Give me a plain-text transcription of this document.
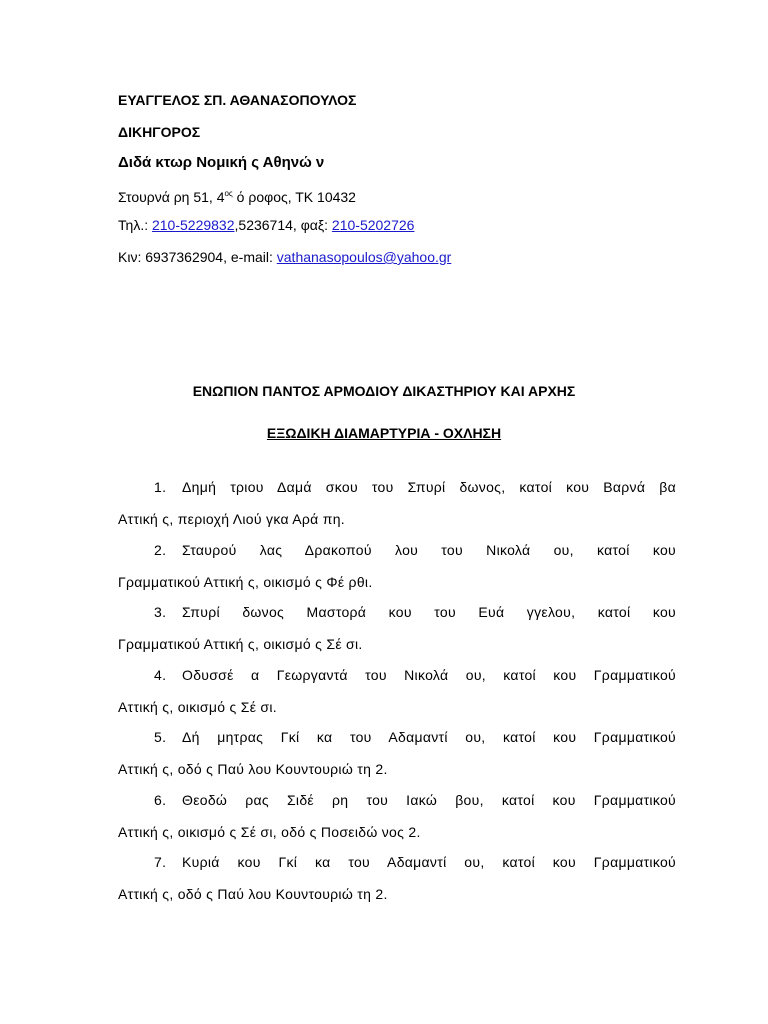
ΕΥΑΓΓΕΛΟΣ ΣΠ. ΑΘΑΝΑΣΟΠΟΥΛΟΣ
ΔΙΚΗΓΟΡΟΣ
Διδά κτωρ Νομική ς Αθηνώ ν
Στουρνά ρη 51, $4^{o\varsigma}$ ό ροφος, ΤΚ 10432
Τηλ.: 210-5229832,5236714, φαξ: 210-5202726
Κιν: 6937362904, e-mail: vathanasopoulos@yahoo.gr
ΕΝΩΠΙΟΝ ΠΑΝΤΟΣ ΑΡΜΟΔΙΟΥ ΔΙΚΑΣΤΗΡΙΟΥ ΚΑΙ ΑΡΧΗΣ
ΕΞΩΔΙΚΗ ΔΙΑΜΑΡΤΥΡΙΑ - ΟΧΛΗΣΗ
1. Δημή τριου Δαμά σκου του Σπυρί δωνος, κατοί κου Βαρνά βα
Αττική ς, περιοχή Λιού γκα Αρά πη.
2. Σταυρού λας Δρακοπού λου του Νικολά ου, κατοί κου
Γραμματικού Αττική ς, οικισμό ς Φέ ρθι.
3. Σπυρί δωνος Μαστορά κου του Ευά γγελου, κατοί κου
Γραμματικού Αττική ς, οικισμό ς Σέ σι.
4. Οδυσσέ α Γεωργαντά του Νικολά ου, κατοί κου Γραμματικού
Αττική ς, οικισμό ς Σέ σι.
5. Δή μητρας Γκί κα του Αδαμαντί ου, κατοί κου Γραμματικού
Αττική ς, οδό ς Παύ λου Κουντουριώ τη 2.
6. Θεοδώ ρας Σιδέ ρη του Ιακώ βου, κατοί κου Γραμματικού
Αττική ς, οικισμό ς Σέ σι, οδό ς Ποσειδώ νος 2.
7. Κυριά κου Γκί κα του Αδαμαντί ου, κατοί κου Γραμματικού
Αττική ς, οδό ς Παύ λου Κουντουριώ τη 2.
